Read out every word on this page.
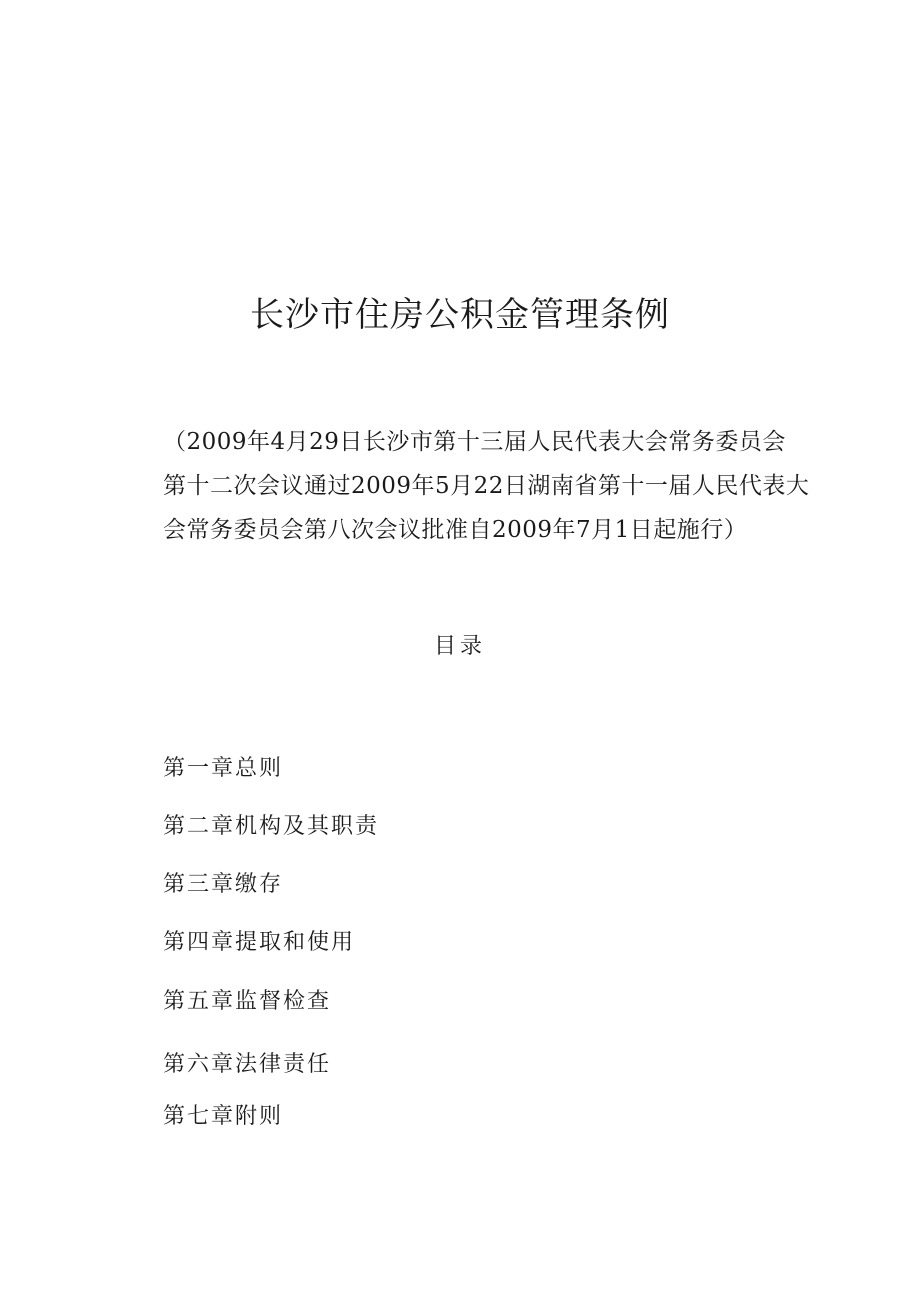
长沙市住房公积金管理条例

（2009年4月29日长沙市第十三届人民代表大会常务委员会
第十二次会议通过2009年5月22日湖南省第十一届人民代表大
会常务委员会第八次会议批准自2009年7月1日起施行）

目录
第一章总则
第二章机构及其职责
第三章缴存
第四章提取和使用
第五章监督检查
第六章法律责任
第七章附则
